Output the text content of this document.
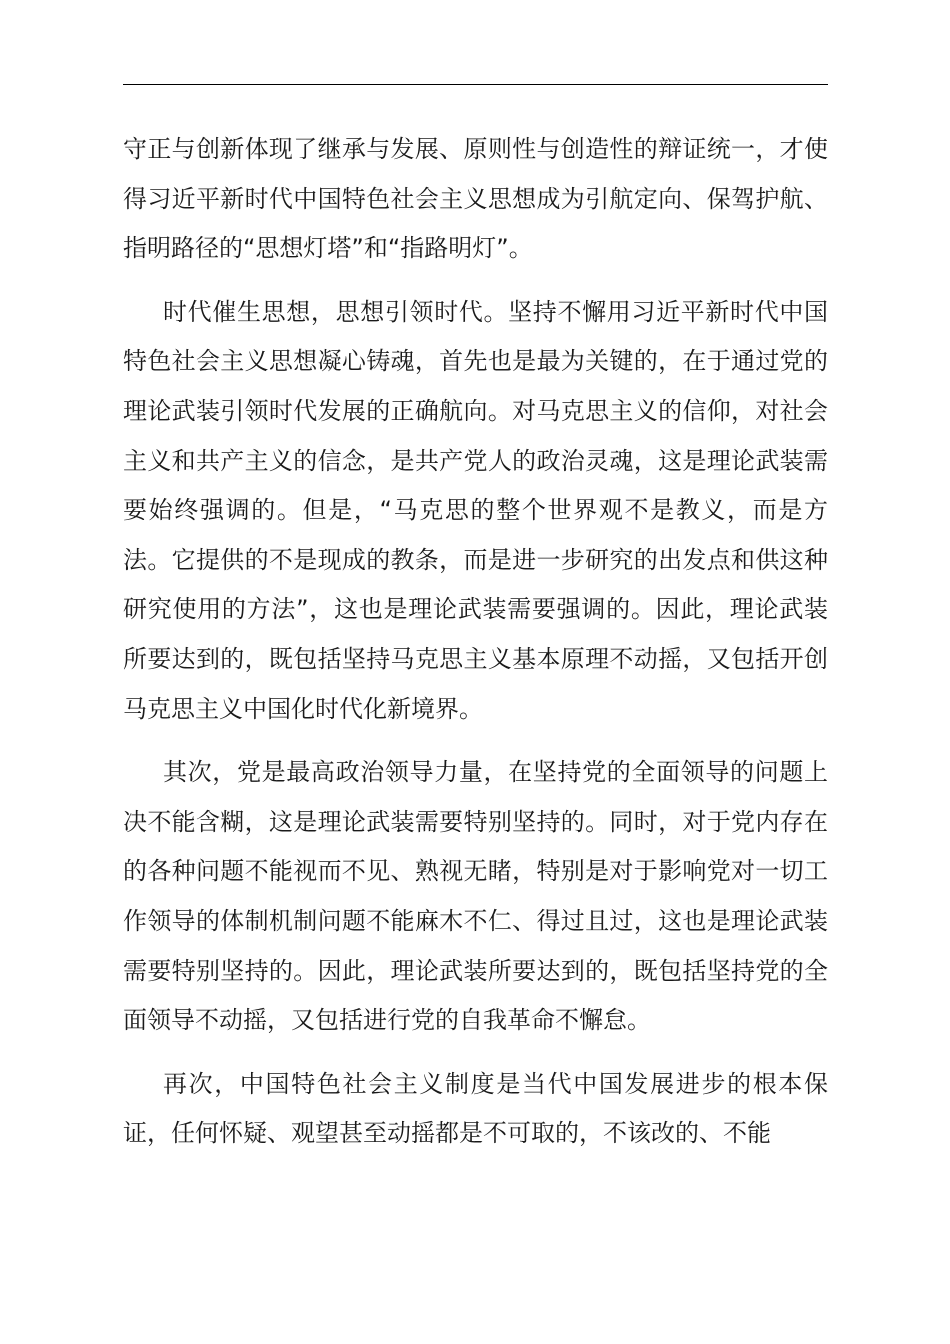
守正与创新体现了继承与发展、原则性与创造性的辩证统一，才使得习近平新时代中国特色社会主义思想成为引航定向、保驾护航、指明路径的“思想灯塔”和“指路明灯”。

时代催生思想，思想引领时代。坚持不懈用习近平新时代中国特色社会主义思想凝心铸魂，首先也是最为关键的，在于通过党的理论武装引领时代发展的正确航向。对马克思主义的信仰，对社会主义和共产主义的信念，是共产党人的政治灵魂，这是理论武装需要始终强调的。但是，“马克思的整个世界观不是教义，而是方法。它提供的不是现成的教条，而是进一步研究的出发点和供这种研究使用的方法”，这也是理论武装需要强调的。因此，理论武装所要达到的，既包括坚持马克思主义基本原理不动摇，又包括开创马克思主义中国化时代化新境界。

其次，党是最高政治领导力量，在坚持党的全面领导的问题上决不能含糊，这是理论武装需要特别坚持的。同时，对于党内存在的各种问题不能视而不见、熟视无睹，特别是对于影响党对一切工作领导的体制机制问题不能麻木不仁、得过且过，这也是理论武装需要特别坚持的。因此，理论武装所要达到的，既包括坚持党的全面领导不动摇，又包括进行党的自我革命不懈怠。

再次，中国特色社会主义制度是当代中国发展进步的根本保证，任何怀疑、观望甚至动摇都是不可取的，不该改的、不能
